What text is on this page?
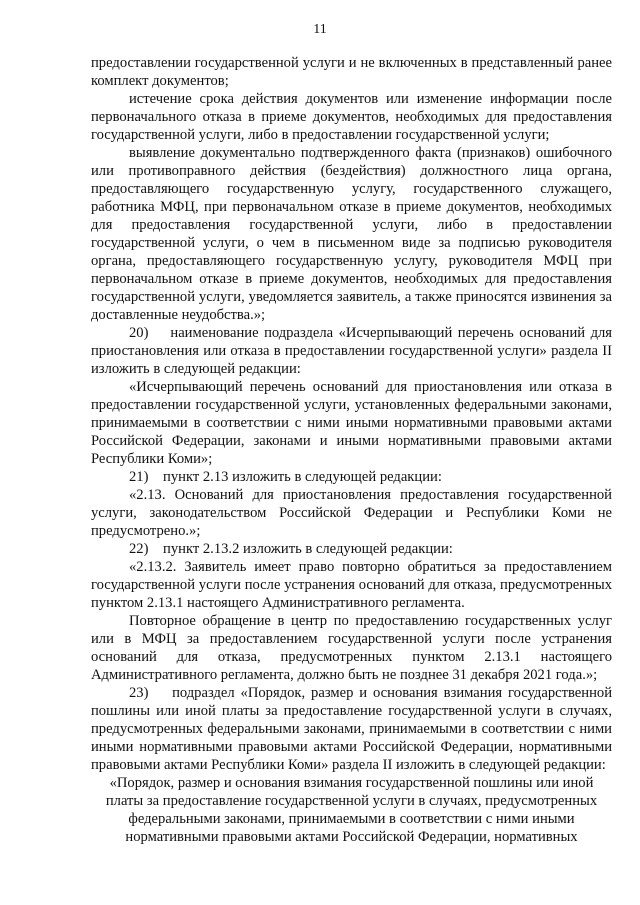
11

предоставлении государственной услуги и не включенных в представленный ранее комплект документов;

истечение срока действия документов или изменение информации после первоначального отказа в приеме документов, необходимых для предоставления государственной услуги, либо в предоставлении государственной услуги;

выявление документально подтвержденного факта (признаков) ошибочного или противоправного действия (бездействия) должностного лица органа, предоставляющего государственную услугу, государственного служащего, работника МФЦ, при первоначальном отказе в приеме документов, необходимых для предоставления государственной услуги, либо в предоставлении государственной услуги, о чем в письменном виде за подписью руководителя органа, предоставляющего государственную услугу, руководителя МФЦ при первоначальном отказе в приеме документов, необходимых для предоставления государственной услуги, уведомляется заявитель, а также приносятся извинения за доставленные неудобства.»;

20)    наименование подраздела «Исчерпывающий перечень оснований для приостановления или отказа в предоставлении государственной услуги» раздела II изложить в следующей редакции:

«Исчерпывающий перечень оснований для приостановления или отказа в предоставлении государственной услуги, установленных федеральными законами, принимаемыми в соответствии с ними иными нормативными правовыми актами Российской Федерации, законами и иными нормативными правовыми актами Республики Коми»;

21)    пункт 2.13 изложить в следующей редакции:

«2.13. Оснований для приостановления предоставления государственной услуги, законодательством Российской Федерации и Республики Коми не предусмотрено.»;

22)    пункт 2.13.2 изложить в следующей редакции:

«2.13.2. Заявитель имеет право повторно обратиться за предоставлением государственной услуги после устранения оснований для отказа, предусмотренных пунктом 2.13.1 настоящего Административного регламента.

Повторное обращение в центр по предоставлению государственных услуг или в МФЦ за предоставлением государственной услуги после устранения оснований для отказа, предусмотренных пунктом 2.13.1 настоящего Административного регламента, должно быть не позднее 31 декабря 2021 года.»;

23)    подраздел «Порядок, размер и основания взимания государственной пошлины или иной платы за предоставление государственной услуги в случаях, предусмотренных федеральными законами, принимаемыми в соответствии с ними иными нормативными правовыми актами Российской Федерации, нормативными правовыми актами Республики Коми» раздела II изложить в следующей редакции:

«Порядок, размер и основания взимания государственной пошлины или иной платы за предоставление государственной услуги в случаях, предусмотренных федеральными законами, принимаемыми в соответствии с ними иными нормативными правовыми актами Российской Федерации, нормативных
